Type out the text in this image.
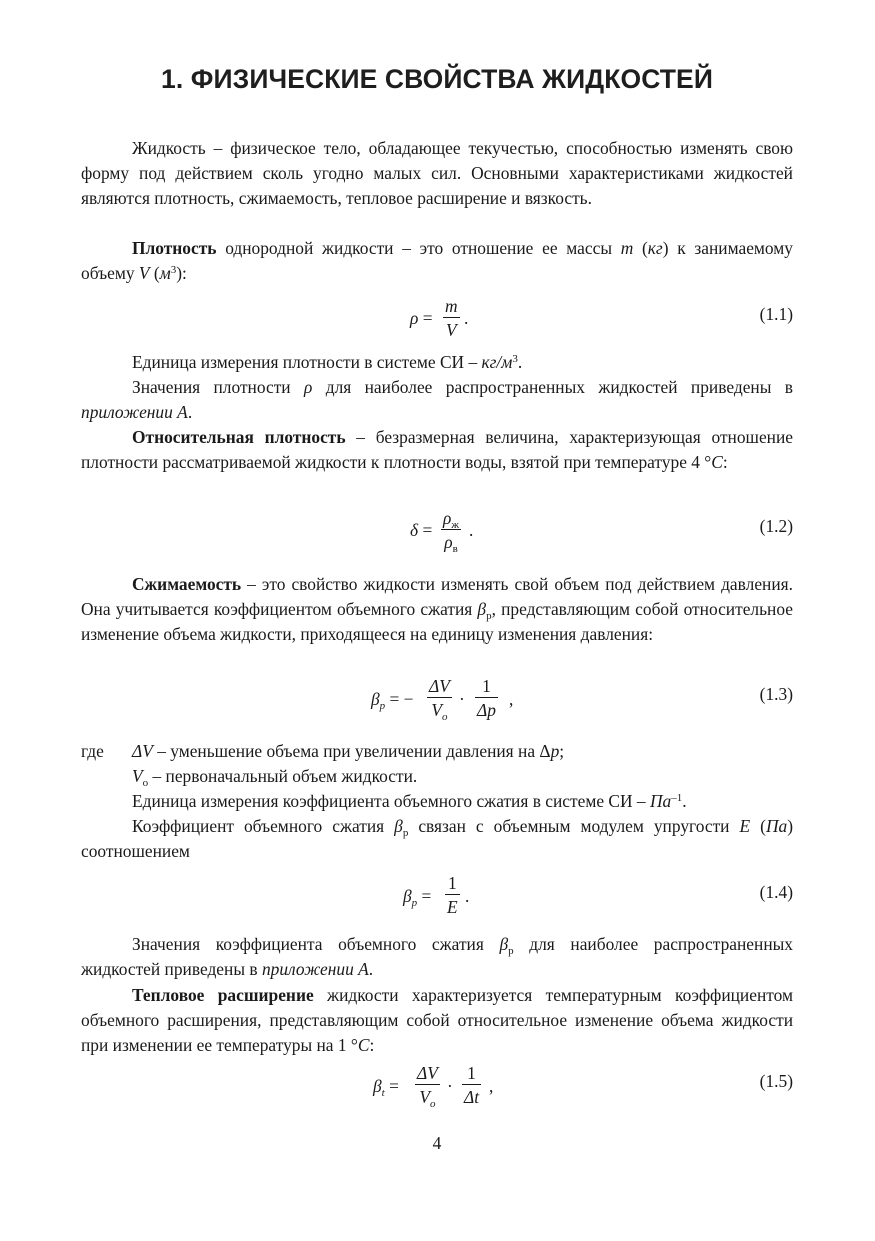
1. ФИЗИЧЕСКИЕ СВОЙСТВА ЖИДКОСТЕЙ

Жидкость – физическое тело, обладающее текучестью, способностью изменять свою форму под действием сколь угодно малых сил. Основными характеристиками жидкостей являются плотность, сжимаемость, тепловое расширение и вязкость.

Плотность однородной жидкости – это отношение ее массы m (кг) к занимаемому объему V $(м^3)$:

$\rho = \frac{m}{V}$ .	(1.1)

Единица измерения плотности в системе СИ – $кг/м^3$.

Значения плотности ρ для наиболее распространенных жидкостей приведены в приложении А.

Относительная плотность – безразмерная величина, характеризующая отношение плотности рассматриваемой жидкости к плотности воды, взятой при температуре 4 °C:

δ =
$\rho_ж$
$\rho_в$
.	(1.2)

Сжимаемость – это свойство жидкости изменять свой объем под действием давления. Она учитывается коэффициентом объемного сжатия $\beta_p$, представляющим собой относительное изменение объема жидкости, приходящееся на единицу изменения давления:

$\beta_p$ = − $\frac{\Delta V}{V_o} \cdot \frac{1}{\Delta p}$ ,	(1.3)
где ΔV – уменьшение объема при увеличении давления на Δp;
$V_o$ – первоначальный объем жидкости.

Единица измерения коэффициента объемного сжатия в системе СИ – $Па^{-1}$.

Коэффициент объемного сжатия $\beta_p$ связан с объемным модулем упругости E (Па) соотношением

$\beta_p = \frac{1}{E}$ .	(1.4)

Значения коэффициента объемного сжатия $\beta_p$ для наиболее распространенных жидкостей приведены в приложении А.

Тепловое расширение жидкости характеризуется температурным коэффициентом объемного расширения, представляющим собой относительное изменение объема жидкости при изменении ее температуры на 1 °C:

$\beta_t = \frac{\Delta V}{V_o} \cdot \frac{1}{\Delta t}$ ,	(1.5)
4
